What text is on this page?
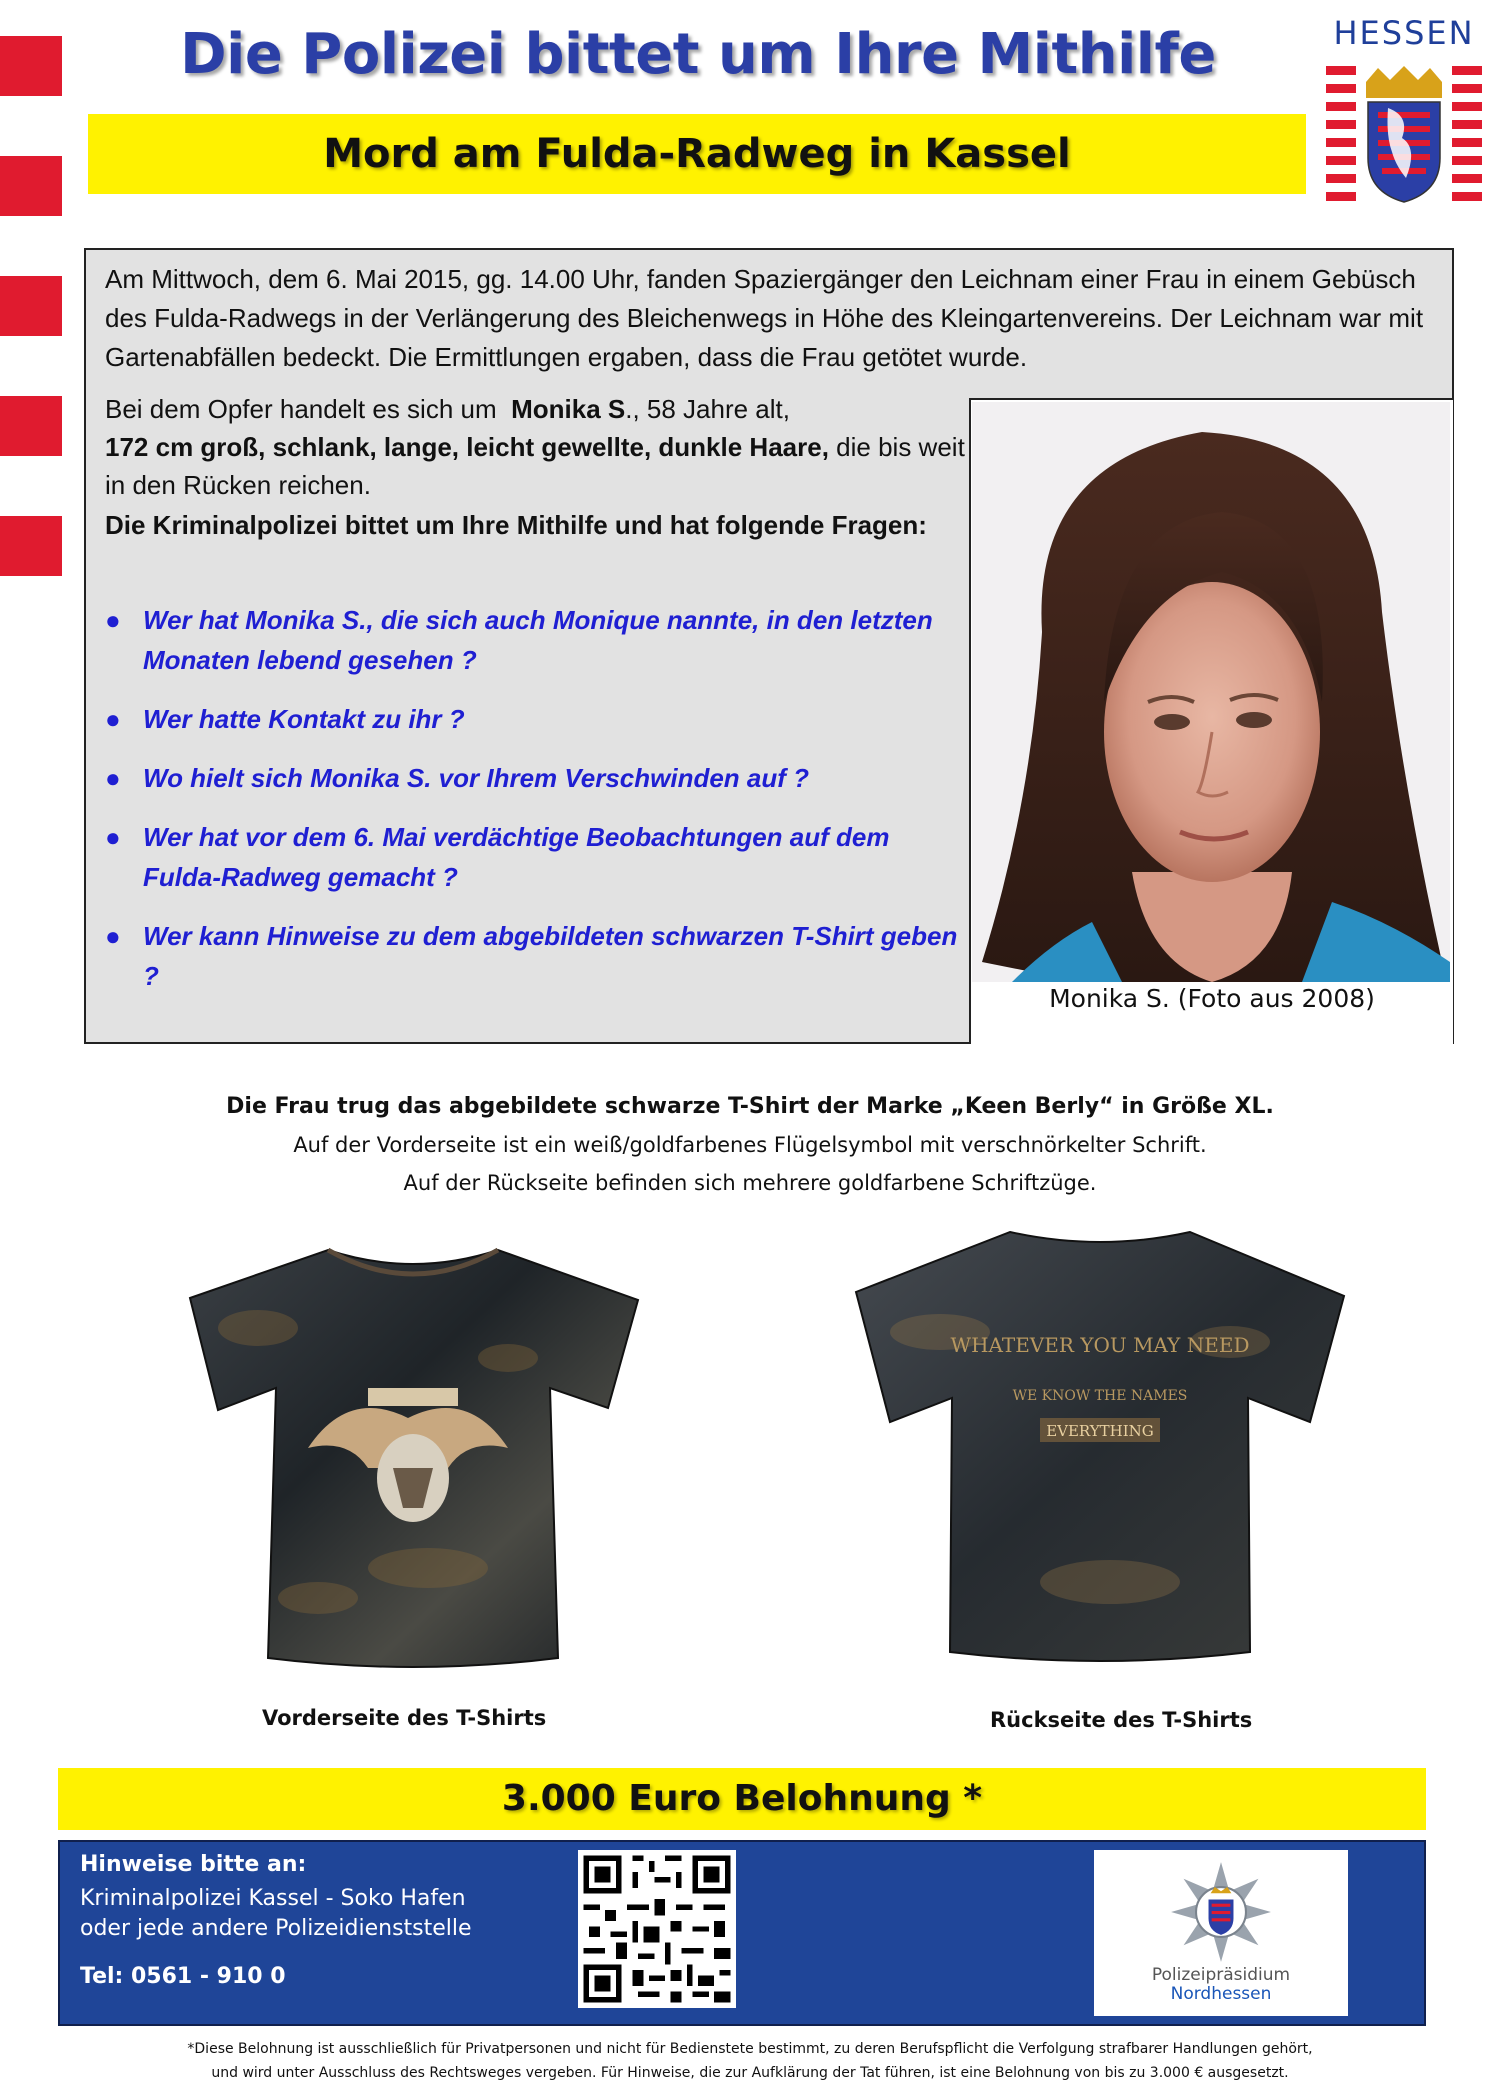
Die Polizei bittet um Ihre Mithilfe
Mord am Fulda-Radweg in Kassel
HESSEN

Am Mittwoch, dem 6. Mai 2015, gg. 14.00 Uhr, fanden Spaziergänger den Leichnam einer Frau in einem Gebüsch des Fulda-Radwegs in der Verlängerung des Bleichenwegs in Höhe des Kleingartenvereins. Der Leichnam war mit Gartenabfällen bedeckt. Die Ermittlungen ergaben, dass die Frau getötet wurde.

Bei dem Opfer handelt es sich um Monika S., 58 Jahre alt,
172 cm groß, schlank, lange, leicht gewellte, dunkle Haare, die bis weit in den Rücken reichen.

Die Kriminalpolizei bittet um Ihre Mithilfe und hat folgende Fragen:

● Wer hat Monika S., die sich auch Monique nannte, in den letzten Monaten lebend gesehen ?
● Wer hatte Kontakt zu ihr ?
● Wo hielt sich Monika S. vor Ihrem Verschwinden auf ?
● Wer hat vor dem 6. Mai verdächtige Beobachtungen auf dem Fulda-Radweg gemacht ?
● Wer kann Hinweise zu dem abgebildeten schwarzen T-Shirt geben ?
Monika S. (Foto aus 2008)
Die Frau trug das abgebildete schwarze T-Shirt der Marke „Keen Berly“ in Größe XL.
Auf der Vorderseite ist ein weiß/goldfarbenes Flügelsymbol mit verschnörkelter Schrift.
Auf der Rückseite befinden sich mehrere goldfarbene Schriftzüge.
Vorderseite des T-Shirts
WHATEVER YOU MAY NEED
WE KNOW THE NAMES
EVERYTHING
Rückseite des T-Shirts
3.000 Euro Belohnung *
Hinweise bitte an:
Kriminalpolizei Kassel - Soko Hafen
oder jede andere Polizeidienststelle
Tel: 0561 - 910 0	Polizeipräsidium
Nordhessen
*Diese Belohnung ist ausschließlich für Privatpersonen und nicht für Bedienstete bestimmt, zu deren Berufspflicht die Verfolgung strafbarer Handlungen gehört,
und wird unter Ausschluss des Rechtsweges vergeben. Für Hinweise, die zur Aufklärung der Tat führen, ist eine Belohnung von bis zu 3.000 € ausgesetzt.
